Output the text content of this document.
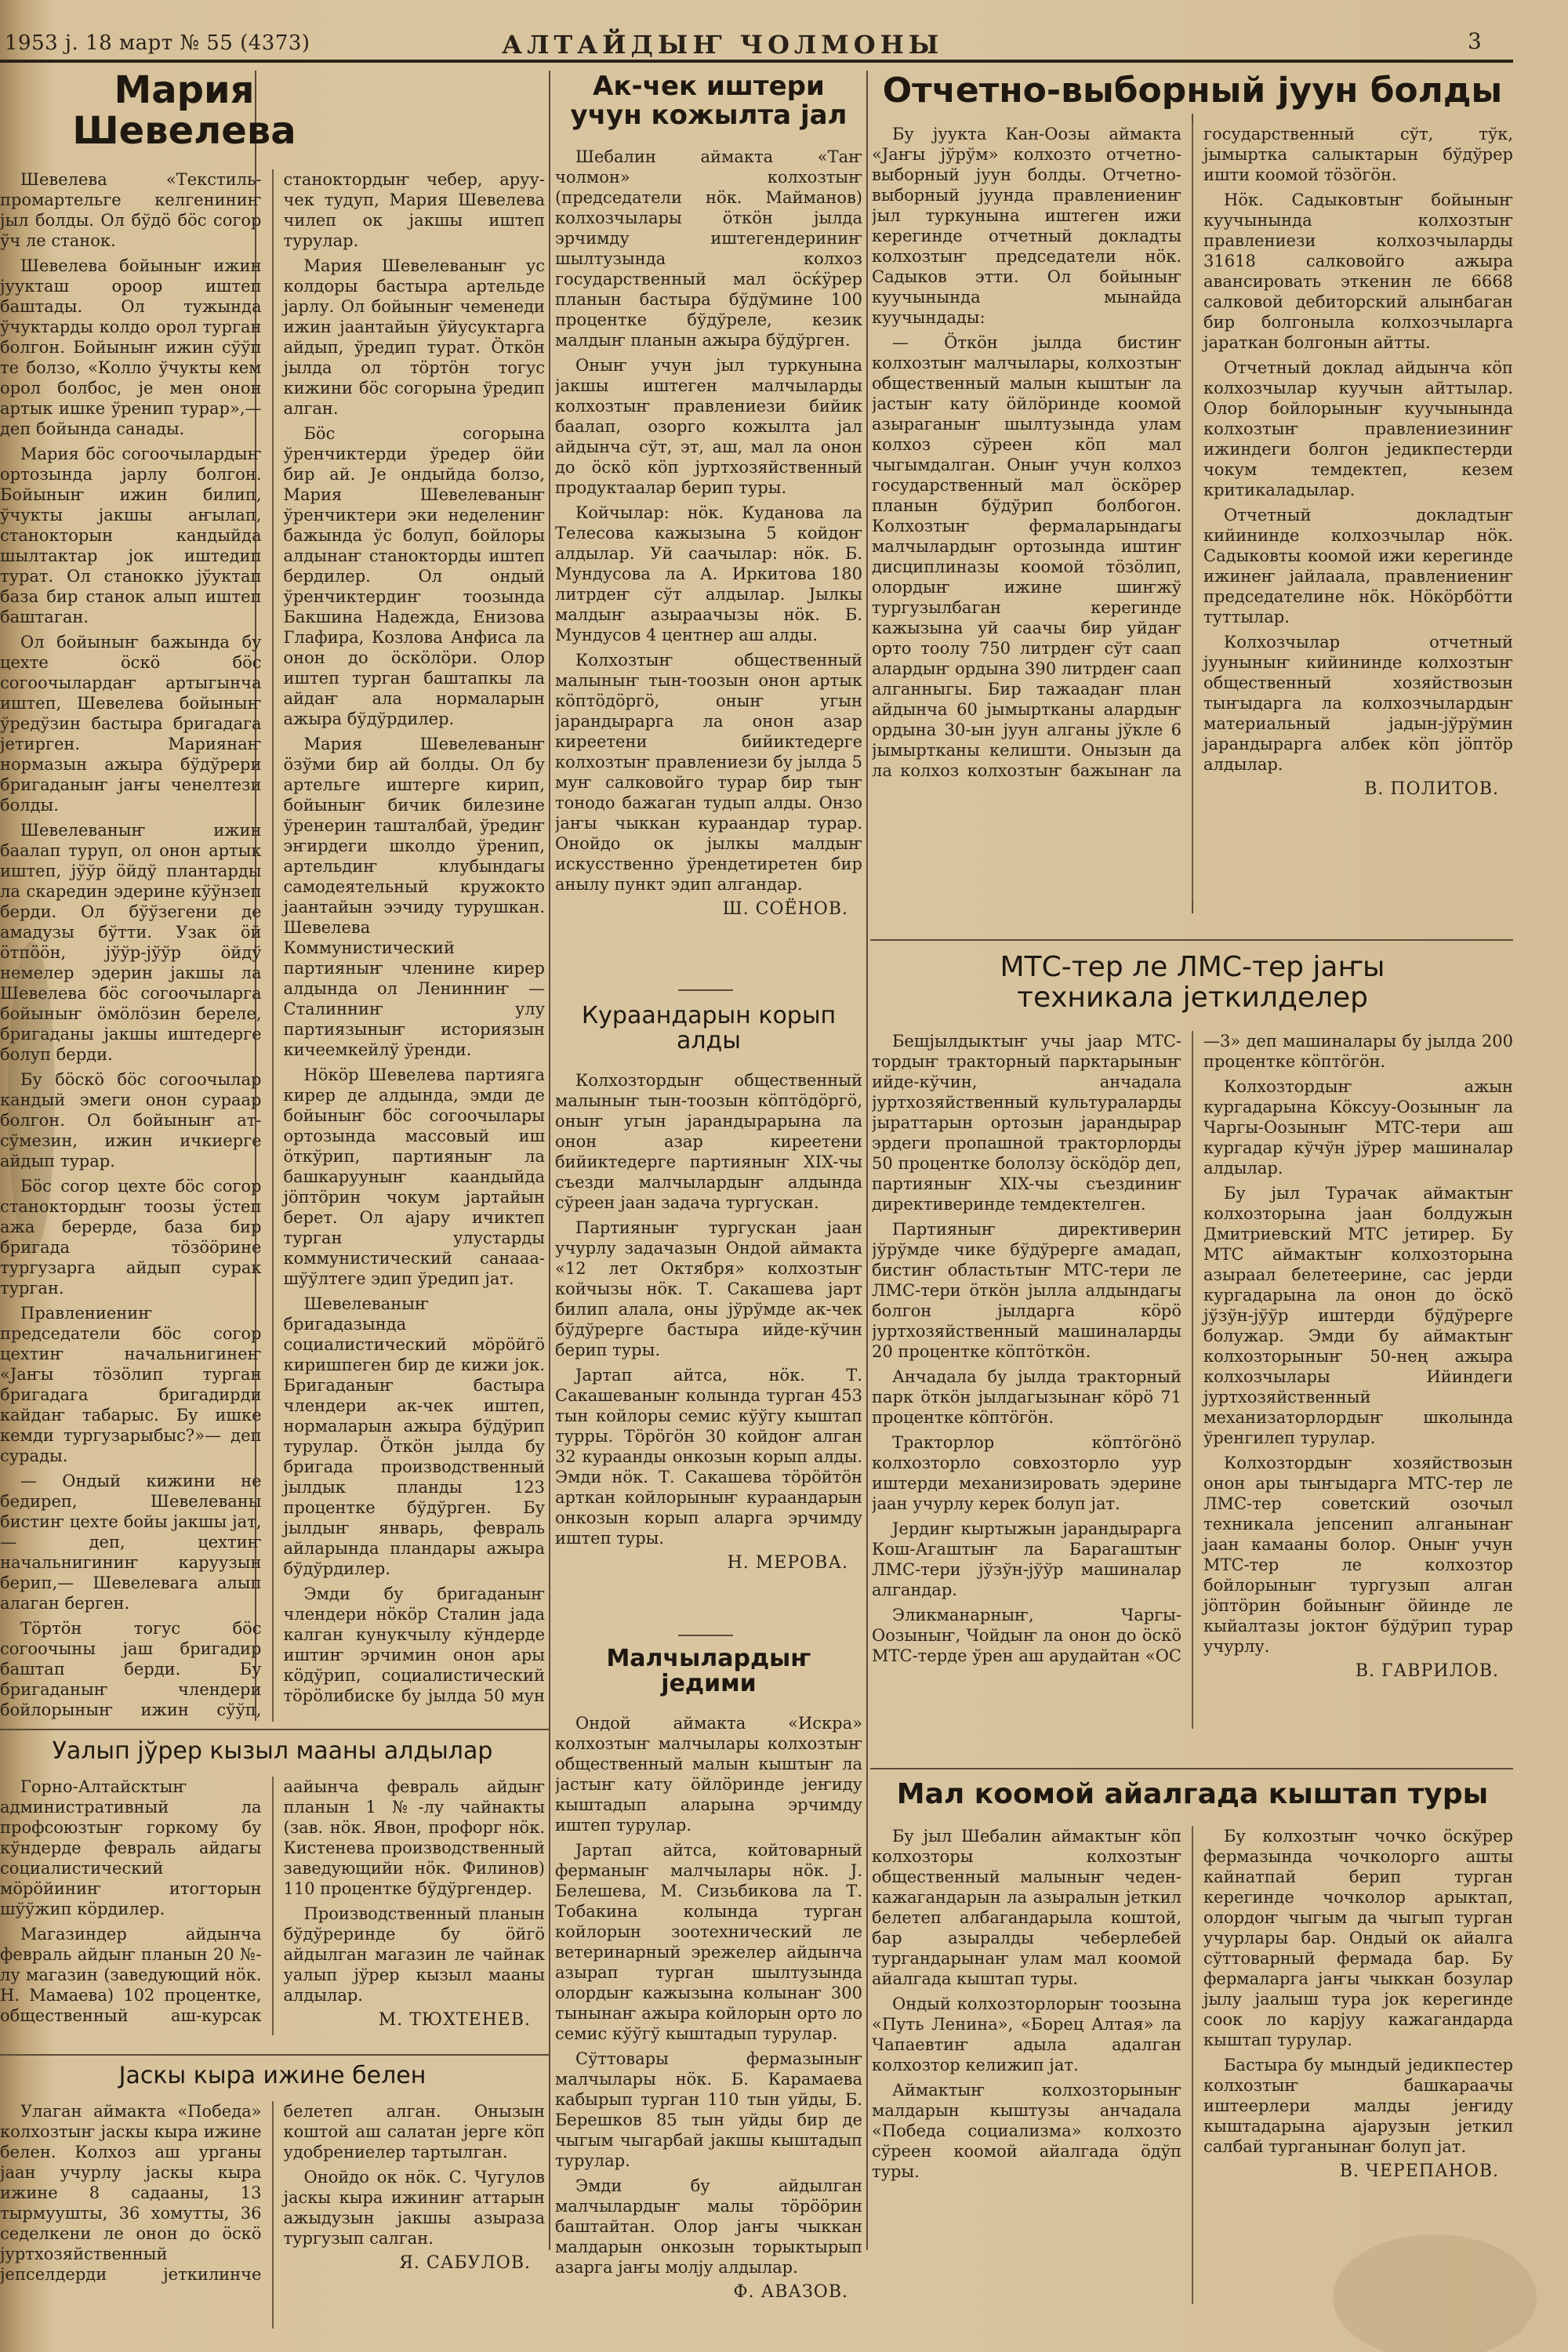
1953 j. 18 март № 55 (4373)	АЛТАЙДЫҤ ЧОЛМОНЫ	3
Мария Шевелева

Шевелева «Текстиль-промартельге келгениниҥ јыл болды. Ол бўдӧ бӧс согор ўч ле станок.

Шевелева бойыныҥ ижин јуукташ ороор иштеп баштады. Ол тужында ўчуктарды колдо орол турган болгон. Бойыныҥ ижин сўўп те болзо, «Колло ўчукты кем орол болбос, је мен онон артык ишке ўренип турар»,— деп бойында санады.

Мария бӧс согоочылардыҥ ортозында јарлу болгон. Бойыныҥ ижин билип, ўчукты јакшы аҥылап, станокторын кандыйда шылтактар јок иштедип турат. Ол станокко јўуктап база бир станок алып иштеп баштаган.

Ол бойыныҥ бажында бу цехте ӧскӧ бӧс согоочылардаҥ артыгынча иштеп, Шевелева бойыныҥ ўредўзин бастыра бригадага јетирген. Мариянаҥ нормазын ажыра бўдўрери бригаданыҥ јаҥы ченелтези болды.

Шевелеваныҥ ижин баалап туруп, ол онон артык иштеп, јўўр ӧйдў плантарды ла скаредин эдерине кўўнзеп берди. Ол бўўзегени де амадузы бўтти. Узак ӧй ӧтпӧӧн, јўўр-јўўр ӧйдў немелер эдерин јакшы ла Шевелева бӧс согоочыларга бойыныҥ ӧмӧлӧзин береле, бригаданы јакшы иштедерге болуп берди.

Бу бӧскӧ бӧс согоочылар кандый эмеги онон сураар болгон. Ол бойыныҥ ат-сўмезин, ижин ичкиерге айдып турар.

Бӧс согор цехте бӧс согор станоктордыҥ тоозы ӱстеп ажа берерде, база бир бригада тӧзӧӧрине тургузарга айдып сурак турган.

Правлениениҥ председатели бӧс согор цехтиҥ начальнигинеҥ «Јаҥы тӧзӧлип турган бригадага бригадирди кайдаҥ табарыс. Бу ишке кемди тургузарыбыс?»— деп сурады.

— Ондый кижини не бедиреп, Шевелеваны бистиҥ цехте бойы јакшы јат,— деп, цехтиҥ начальнигиниҥ каруузын берип,— Шевелевага алып алаган берген.

Тӧртӧн тогус бӧс согоочыны јаш бригадир баштап берди. Бу бригаданыҥ члендери бойлорыныҥ ижин сўўп, станоктордыҥ чебер, аруу-чек тудуп, Мария Шевелева чилеп ок јакшы иштеп турулар.

Мария Шевелеваныҥ ус колдоры бастыра артельде јарлу. Ол бойыныҥ чеменеди ижин јаантайын ўйусуктарга айдып, ўредип турат. Ӧткӧн јылда ол тӧртӧн тогус кижини бӧс согорына ўредип алган.

Бӧс согорына ўренчиктерди ўредер ӧйи бир ай. Је ондыйда болзо, Мария Шевелеваныҥ ўренчиктери эки неделениҥ бажында ўс болуп, бойлоры алдынаҥ станокторды иштеп бердилер. Ол ондый ўренчиктердиҥ тоозында Бакшина Надежда, Енизова Глафира, Козлова Анфиса ла онон до ӧскӧлӧри. Олор иштеп турган баштапкы ла айдаҥ ала нормаларын ажыра бўдўрдилер.

Мария Шевелеваныҥ ӧзўми бир ай болды. Ол бу артельге иштерге кирип, бойыныҥ бичик билезине ўренерин ташталбай, ўредиҥ эҥирдеги школдо ўренип, артельдиҥ клубындагы самодеятельный кружокто јаантайын ээчиду турушкан. Шевелева Коммунистический партияныҥ членине кирер алдында ол Ленинниҥ — Сталинниҥ улу партиязыныҥ историязын кичеемкейлў ўренди.

Нӧкӧр Шевелева партияга кирер де алдында, эмди де бойыныҥ бӧс согоочылары ортозында массовый иш ӧткўрип, партияныҥ ла башкарууныҥ каандыйда јӧптӧрин чокум јартайын берет. Ол ајару ичиктеп турган улустарды коммунистический санааа-шўўлтеге эдип ўредип јат.

Шевелеваныҥ бригадазында социалистический мӧрӧйгӧ киришпеген бир де кижи јок. Бригаданыҥ бастыра члендери ак-чек иштеп, нормаларын ажыра бўдўрип турулар. Ӧткӧн јылда бу бригада производственный јылдык планды 123 процентке бўдўрген. Бу јылдыҥ январь, февраль айларында пландары ажыра бўдўрдилер.

Эмди бу бригаданыҥ члендери нӧкӧр Сталин јада калган кунукчылу кўндерде иштиҥ эрчимин онон ары кӧдўрип, социалистический тӧрӧлибиске бу јылда 50 мун

Ак-чек иштери учун кожылта јал

Шебалин аймакта «Таҥ чолмон» колхозтыҥ (председатели нӧк. Майманов) колхозчылары ӧткӧн јылда эрчимду иштегендериниҥ шылтузында колхоз государственный мал ӧсќӱрер планын бастыра бўдўмине 100 процентке бўдўреле, кезик малдыҥ планын ажыра бўдўрген.

Оныҥ учун јыл туркунына јакшы иштеген малчыларды колхозтыҥ правлениези бийик баалап, озорго кожылта јал айдынча сўт, эт, аш, мал ла онон до ӧскӧ кӧп јуртхозяйственный продуктаалар берип туры.

Койчылар: нӧк. Куданова ла Телесова кажызына 5 койдоҥ алдылар. Уй саачылар: нӧк. Б. Мундусова ла А. Иркитова 180 литрдеҥ сўт алдылар. Јылкы малдыҥ азыраачызы нӧк. Б. Мундусов 4 центнер аш алды.

Колхозтыҥ общественный малыныҥ тын-тоозын онон артык кӧптӧдӧргӧ, оныҥ угын јарандырарга ла онон азар киреетени бийиктедерге колхозтыҥ правлениези бу јылда 5 муҥ салковойго турар бир тыҥ тонодо бажаган тудып алды. Онзо јаҥы чыккан кураандар турар. Онойдо ок јылкы малдыҥ искусственно ўрендетиретен бир анылу пункт эдип алгандар.

Ш. СОЁНОВ.
Кураандарын корып алды

Колхозтордыҥ общественный малыныҥ тын-тоозын кӧптӧдӧргӧ, оныҥ угын јарандырарына ла онон азар киреетени бийиктедерге партияныҥ XIX-чы съезди малчылардыҥ алдында сўреен јаан задача тургускан.

Партияныҥ тургускан јаан учурлу задачазын Ондой аймакта «12 лет Октября» колхозтыҥ койчызы нӧк. Т. Сакашева јарт билип алала, оны јўрўмде ак-чек бўдўрерге бастыра ийде-кўчин берип туры.

Јартап айтса, нӧк. Т. Сакашеваныҥ колында турган 453 тын койлоры семис кўўгу кыштап турры. Тӧрӧгӧн 30 койдоҥ алган 32 кураанды онкозын корып алды. Эмди нӧк. Т. Сакашева тӧрӧйтӧн арткан койлорыныҥ кураандарын онкозын корып аларга эрчимду иштеп туры.

Н. МЕРОВА.
Малчылардыҥ једими

Ондой аймакта «Искра» колхозтыҥ малчылары колхозтыҥ общественный малын кыштыҥ ла јастыҥ кату ӧйлӧринде јеҥиду кыштадып аларына эрчимду иштеп турулар.

Јартап айтса, койтоварный ферманыҥ малчылары нӧк. Ј. Белешева, М. Сизьбикова ла Т. Тобакина колында турган койлорын зоотехнический ле ветеринарный эрежелер айдынча азырап турган шылтузында олордыҥ кажызына колынаҥ 300 тынынаҥ ажыра койлорын орто ло семис кўўгў кыштадып турулар.

Сўттовары фермазыныҥ малчылары нӧк. Б. Карамаева кабырып турган 110 тын уйды, Б. Берешков 85 тын уйды бир де чыгым чыгарбай јакшы кыштадып турулар.

Эмди бу айдылган малчылардыҥ малы тӧрӧӧрин баштайтан. Олор јаҥы чыккан малдарын онкозын торыктырып азарга јаҥы молју алдылар.

Ф. АВАЗОВ.
Отчетно-выборный јуун болды

Бу јуукта Кан-Оозы аймакта «Јаҥы јўрўм» колхозто отчетно-выборный јуун болды. Отчетно-выборный јуунда правлениениҥ јыл туркунына иштеген ижи керегинде отчетный докладты колхозтыҥ председатели нӧк. Садыков этти. Ол бойыныҥ куучынында мынайда куучындады:

— Ӧткӧн јылда бистиҥ колхозтыҥ малчылары, колхозтыҥ общественный малын кыштыҥ ла јастыҥ кату ӧйлӧринде коомой азыраганыҥ шылтузында улам колхоз сўреен кӧп мал чыгымдалган. Оныҥ учун колхоз государственный мал ӧскӧрер планын бўдўрип болбогон. Колхозтыҥ фермаларындагы малчылардыҥ ортозында иштиҥ дисциплиназы коомой тӧзӧлип, олордыҥ ижине шиҥжў тургузылбаган керегинде кажызына уй саачы бир уйдаҥ орто тоолу 750 литрдеҥ сўт саап алардыҥ ордына 390 литрдеҥ саап алганныгы. Бир тажаадаҥ план айдынча 60 јымыртканы алардыҥ ордына 30-ын јуун алганы јўкле 6 јымыртканы келишти. Онызын да ла колхоз колхозтыҥ бажынаҥ ла государственный сўт, тўк, јымыртка салыктарын бўдўрер ишти коомой тӧзӧгӧн.

Нӧк. Садыковтыҥ бойыныҥ куучынында колхозтыҥ правлениези колхозчыларды 31618 салковойго ажыра авансировать эткенин ле 6668 салковой дебиторский алынбаган бир болгоныла колхозчыларга јараткан болгонын айтты.

Отчетный доклад айдынча кӧп колхозчылар куучын айттылар. Олор бойлорыныҥ куучынында колхозтыҥ правлениезиниҥ ижиндеги болгон једикпестерди чокум темдектеп, кезем критикаладылар.

Отчетный докладтыҥ кийининде колхозчылар нӧк. Садыковты коомой ижи керегинде ижинеҥ јайлаала, правлениениҥ председателине нӧк. Нӧкӧрбӧтти туттылар.

Колхозчылар отчетный јууныныҥ кийининде колхозтыҥ общественный хозяйствозын тыҥыдарга ла колхозчылардыҥ материальный јадын-јўрўмин јарандырарга албек кӧп јӧптӧр алдылар.

В. ПОЛИТОВ.
МТС-тер ле ЛМС-тер јаҥы техникала јеткилделер

Бешјылдыктыҥ учы јаар МТС-тордыҥ тракторный парктарыныҥ ийде-кўчин, анчадала јуртхозяйственный культураларды јыраттарын ортозын јарандырар эрдеги пропашной тракторлорды 50 процентке бололзу ӧскӧдӧр деп, партияныҥ XIX-чы съездиниҥ директиверинде темдектелген.

Партияныҥ директиверин јўрўмде чике бўдўрерге амадап, бистиҥ областьтыҥ МТС-тери ле ЛМС-тери ӧткӧн јылла алдындагы болгон јылдарга кӧрӧ јуртхозяйственный машиналарды 20 процентке кӧптӧткӧн.

Анчадала бу јылда тракторный парк ӧткӧн јылдагызынаҥ кӧрӧ 71 процентке кӧптӧгӧн.

Тракторлор кӧптӧгӧнӧ колхозторло совхозторло уур иштерди механизировать эдерине јаан учурлу керек болуп јат.

Јердиҥ кыртыжын јарандырарга Кош-Агаштыҥ ла Барагаштыҥ ЛМС-тери јўзўн-јўўр машиналар алгандар.

Эликманарныҥ, Чаргы-Оозыныҥ, Чойдыҥ ла онон до ӧскӧ МТС-терде ўрен аш арудайтан «ОС—3» деп машиналары бу јылда 200 процентке кӧптӧгӧн.

Колхозтордыҥ ажын кургадарына Кӧксуу-Оозыныҥ ла Чаргы-Оозыныҥ МТС-тери аш кургадар кўчўн јўрер машиналар алдылар.

Бу јыл Турачак аймактыҥ колхозторына јаан болдужын Дмитриевский МТС јетирер. Бу МТС аймактыҥ колхозторына азыраал белетеерине, сас јерди кургадарына ла онон до ӧскӧ јўзўн-јўўр иштерди бўдўрерге болужар. Эмди бу аймактыҥ колхозторыныҥ 50-нең ажыра колхозчылары Ийиндеги јуртхозяйственный механизаторлордыҥ школында ўренгилеп турулар.

Колхозтордыҥ хозяйствозын онон ары тыҥыдарга МТС-тер ле ЛМС-тер советский озочыл техникала јепсенип алганынаҥ јаан камааны болор. Оныҥ учун МТС-тер ле колхозтор бойлорыныҥ тургузып алган јӧптӧрин бойыныҥ ӧйинде ле кыйалтазы јоктоҥ бўдўрип турар учурлу.

В. ГАВРИЛОВ.
Мал коомой айалгада кыштап туры

Бу јыл Шебалин аймактыҥ кӧп колхозторы колхозтыҥ общественный малыныҥ чеден-кажагандарын ла азыралын јеткил белетеп албагандарыла коштой, бар азыралды чеберлебей тургандарынаҥ улам мал коомой айалгада кыштап туры.

Ондый колхозторлорыҥ тоозына «Путь Ленина», «Борец Алтая» ла Чапаевтиҥ адыла адалган колхозтор келижип јат.

Аймактыҥ колхозторыныҥ малдарын кыштузы анчадала «Победа социализма» колхозто сўреен коомой айалгада ӧдўп туры.

Бу колхозтыҥ чочко ӧскўрер фермазында чочколорго ашты кайнатпай берип турган керегинде чочколор арыктап, олордоҥ чыгым да чыгып турган учурлары бар. Ондый ок айалга сўттоварный фермада бар. Бу фермаларга јаҥы чыккан бозулар јылу јаалыш тура јок керегинде соок ло карјуу кажагандарда кыштап турулар.

Бастыра бу мындый једикпестер колхозтыҥ башкараачы иштеерлери малды јеҥиду кыштадарына ајарузын јеткил салбай турганынаҥ болуп јат.

В. ЧЕРЕПАНОВ.
Уалып јўрер кызыл мааны алдылар

Горно-Алтайсктыҥ административный ла профсоюзтыҥ горкому бу кўндерде февраль айдагы социалистический мӧрӧйиниҥ итогторын шўўжип кӧрдилер.

Магазиндер айдынча февраль айдыҥ планын 20 №-лу магазин (заведующий нӧк. Н. Мамаева) 102 процентке, общественный аш-курсак аайынча февраль айдыҥ планын 1 №-лу чайнакты (зав. нӧк. Явон, профорг нӧк. Кистенева производственный заведующийи нӧк. Филинов) 110 процентке бўдўргендер.

Производственный планын бўдўреринде бу ӧйгӧ айдылган магазин ле чайнак уалып јўрер кызыл мааны алдылар.

М. ТЮХТЕНЕВ.
Јаскы кыра ижине белен

Улаган аймакта «Победа» колхозтыҥ јаскы кыра ижине белен. Колхоз аш урганы јаан учурлу јаскы кыра ижине 8 садааны, 13 тырмуушты, 36 хомутты, 36 седелкени ле онон до ӧскӧ јуртхозяйственный јепселдерди јеткилинче белетеп алган. Онызын коштой аш салатан јерге кӧп удобрениелер тартылган.

Онойдо ок нӧк. С. Чугулов јаскы кыра ижиниҥ аттарын ажыдузын јакшы азыраза тургузып салган.

Я. САБУЛОВ.
